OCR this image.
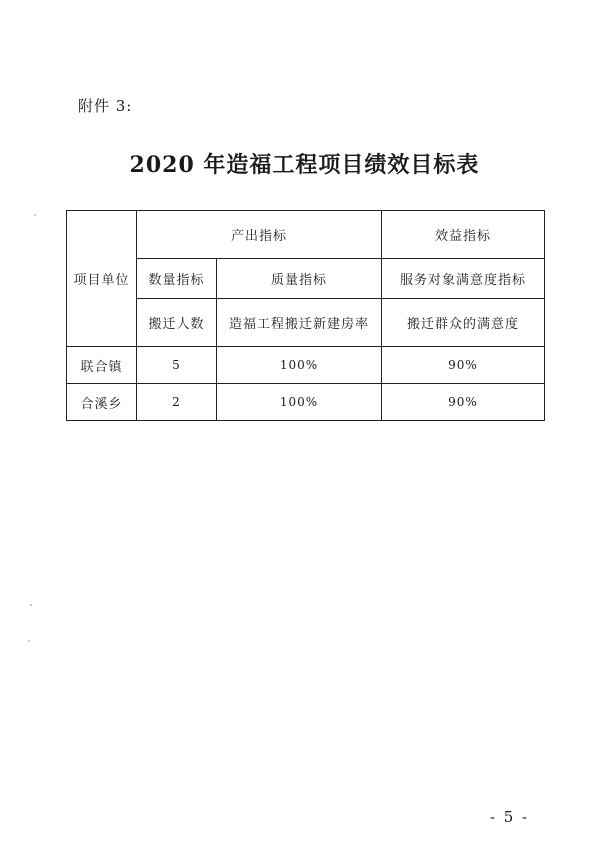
附件 3:
2020 年造福工程项目绩效目标表
项目单位	产出指标		效益指标
	数量指标	质量指标	服务对象满意度指标
	搬迁人数	造福工程搬迁新建房率	搬迁群众的满意度
联合镇	5	100%	90%
合溪乡	2	100%	90%
- 5 -
